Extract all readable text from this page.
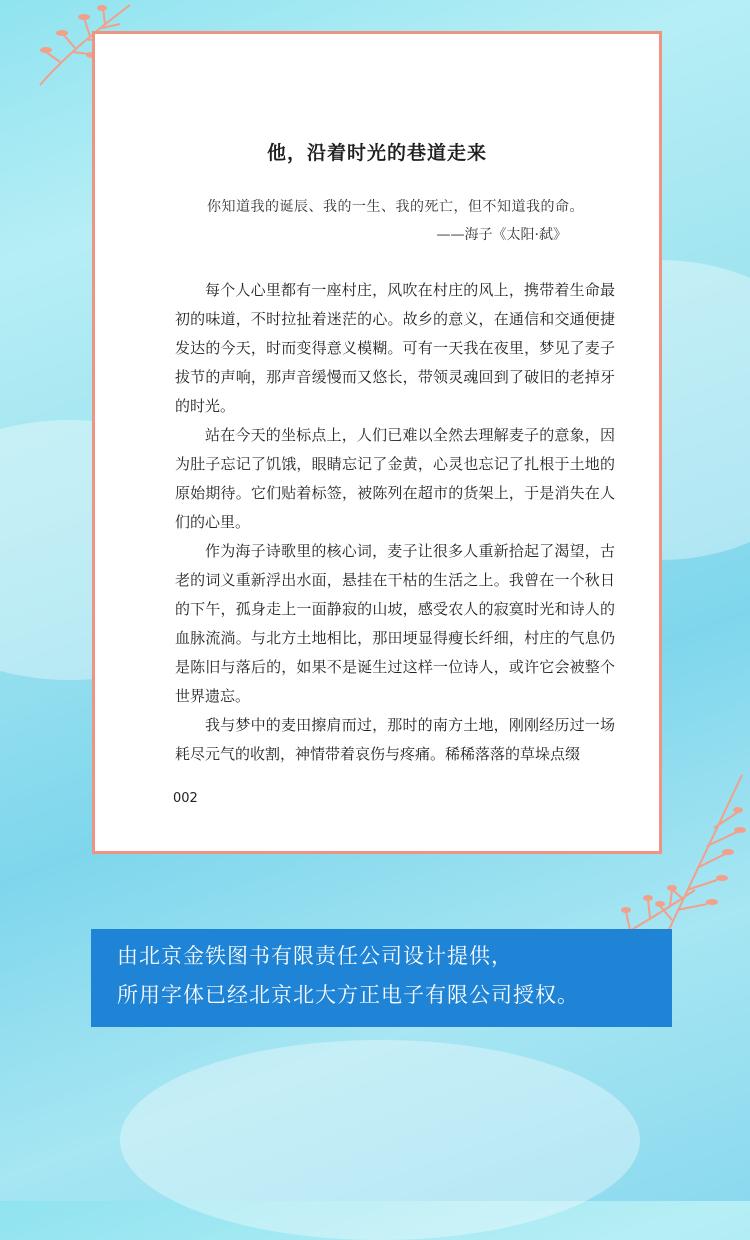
他，沿着时光的巷道走来
你知道我的诞辰、我的一生、我的死亡，但不知道我的命。
——海子《太阳·弑》

每个人心里都有一座村庄，风吹在村庄的风上，携带着生命最初的味道，不时拉扯着迷茫的心。故乡的意义，在通信和交通便捷发达的今天，时而变得意义模糊。可有一天我在夜里，梦见了麦子拔节的声响，那声音缓慢而又悠长，带领灵魂回到了破旧的老掉牙的时光。

站在今天的坐标点上，人们已难以全然去理解麦子的意象，因为肚子忘记了饥饿，眼睛忘记了金黄，心灵也忘记了扎根于土地的原始期待。它们贴着标签，被陈列在超市的货架上，于是消失在人们的心里。

作为海子诗歌里的核心词，麦子让很多人重新拾起了渴望，古老的词义重新浮出水面，悬挂在干枯的生活之上。我曾在一个秋日的下午，孤身走上一面静寂的山坡，感受农人的寂寞时光和诗人的血脉流淌。与北方土地相比，那田埂显得瘦长纤细，村庄的气息仍是陈旧与落后的，如果不是诞生过这样一位诗人，或许它会被整个世界遗忘。

我与梦中的麦田擦肩而过，那时的南方土地，刚刚经历过一场耗尽元气的收割，神情带着哀伤与疼痛。稀稀落落的草垛点缀

002
由北京金铁图书有限责任公司设计提供，
所用字体已经北京北大方正电子有限公司授权。
